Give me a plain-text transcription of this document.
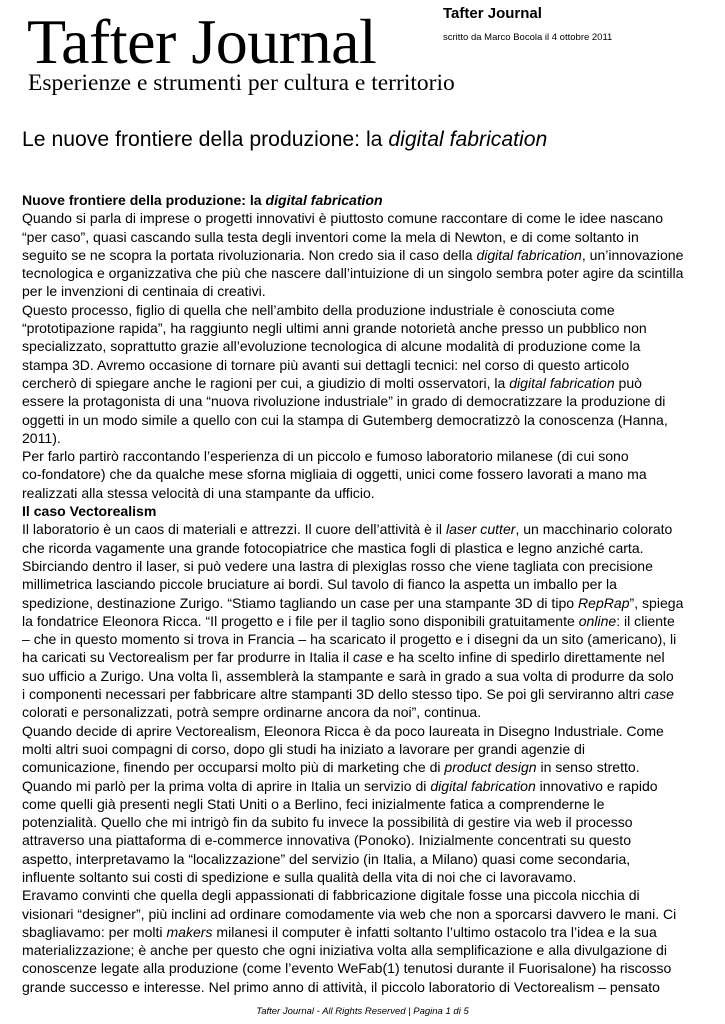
Tafter Journal
Esperienze e strumenti per cultura e territorio
Tafter Journal
scritto da Marco Bocola il 4 ottobre 2011
Le nuove frontiere della produzione: la digital fabrication
Nuove frontiere della produzione: la digital fabrication
Quando si parla di imprese o progetti innovativi è piuttosto comune raccontare di come le idee nascano
“per caso”, quasi cascando sulla testa degli inventori come la mela di Newton, e di come soltanto in
seguito se ne scopra la portata rivoluzionaria. Non credo sia il caso della digital fabrication, un’innovazione
tecnologica e organizzativa che più che nascere dall’intuizione di un singolo sembra poter agire da scintilla
per le invenzioni di centinaia di creativi.
Questo processo, figlio di quella che nell’ambito della produzione industriale è conosciuta come
“prototipazione rapida”, ha raggiunto negli ultimi anni grande notorietà anche presso un pubblico non
specializzato, soprattutto grazie all’evoluzione tecnologica di alcune modalità di produzione come la
stampa 3D. Avremo occasione di tornare più avanti sui dettagli tecnici: nel corso di questo articolo
cercherò di spiegare anche le ragioni per cui, a giudizio di molti osservatori, la digital fabrication può
essere la protagonista di una “nuova rivoluzione industriale” in grado di democratizzare la produzione di
oggetti in un modo simile a quello con cui la stampa di Gutemberg democratizzò la conoscenza (Hanna,
2011).
Per farlo partirò raccontando l’esperienza di un piccolo e fumoso laboratorio milanese (di cui sono
co-fondatore) che da qualche mese sforna migliaia di oggetti, unici come fossero lavorati a mano ma
realizzati alla stessa velocità di una stampante da ufficio.
Il caso Vectorealism
Il laboratorio è un caos di materiali e attrezzi. Il cuore dell’attività è il laser cutter, un macchinario colorato
che ricorda vagamente una grande fotocopiatrice che mastica fogli di plastica e legno anziché carta.
Sbirciando dentro il laser, si può vedere una lastra di plexiglas rosso che viene tagliata con precisione
millimetrica lasciando piccole bruciature ai bordi. Sul tavolo di fianco la aspetta un imballo per la
spedizione, destinazione Zurigo. “Stiamo tagliando un case per una stampante 3D di tipo RepRap”, spiega
la fondatrice Eleonora Ricca. “Il progetto e i file per il taglio sono disponibili gratuitamente online: il cliente
– che in questo momento si trova in Francia – ha scaricato il progetto e i disegni da un sito (americano), li
ha caricati su Vectorealism per far produrre in Italia il case e ha scelto infine di spedirlo direttamente nel
suo ufficio a Zurigo. Una volta lì, assemblerà la stampante e sarà in grado a sua volta di produrre da solo
i componenti necessari per fabbricare altre stampanti 3D dello stesso tipo. Se poi gli serviranno altri case
colorati e personalizzati, potrà sempre ordinarne ancora da noi”, continua.
Quando decide di aprire Vectorealism, Eleonora Ricca è da poco laureata in Disegno Industriale. Come
molti altri suoi compagni di corso, dopo gli studi ha iniziato a lavorare per grandi agenzie di
comunicazione, finendo per occuparsi molto più di marketing che di product design in senso stretto.
Quando mi parlò per la prima volta di aprire in Italia un servizio di digital fabrication innovativo e rapido
come quelli già presenti negli Stati Uniti o a Berlino, feci inizialmente fatica a comprenderne le
potenzialità. Quello che mi intrigò fin da subito fu invece la possibilità di gestire via web il processo
attraverso una piattaforma di e-commerce innovativa (Ponoko). Inizialmente concentrati su questo
aspetto, interpretavamo la “localizzazione” del servizio (in Italia, a Milano) quasi come secondaria,
influente soltanto sui costi di spedizione e sulla qualità della vita di noi che ci lavoravamo.
Eravamo convinti che quella degli appassionati di fabbricazione digitale fosse una piccola nicchia di
visionari “designer”, più inclini ad ordinare comodamente via web che non a sporcarsi davvero le mani. Ci
sbagliavamo: per molti makers milanesi il computer è infatti soltanto l’ultimo ostacolo tra l’idea e la sua
materializzazione; è anche per questo che ogni iniziativa volta alla semplificazione e alla divulgazione di
conoscenze legate alla produzione (come l’evento WeFab(1) tenutosi durante il Fuorisalone) ha riscosso
grande successo e interesse. Nel primo anno di attività, il piccolo laboratorio di Vectorealism – pensato
Tafter Journal - All Rights Reserved | Pagina 1 di 5
